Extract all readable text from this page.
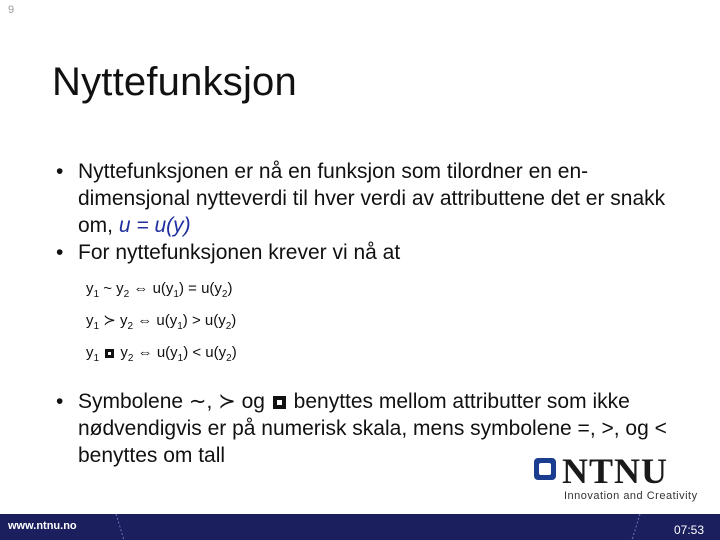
9
Nyttefunksjon

• Nyttefunksjonen er nå en funksjon som tilordner en en-dimensjonal nytteverdi til hver verdi av attributtene det er snakk om, u = u(y)

• For nyttefunksjonen krever vi nå at

$y_1$ ~ $y_2$ ⇔ $u(y_1) = u(y_2)$
$y_1$ ≻ $y_2$ ⇔ $u(y_1) > u(y_2)$
$y_1$ $y_2$ ⇔ $u(y_1) < u(y_2)$

• Symbolene ∼, ≻ og  benyttes mellom attributter som ikke nødvendigvis er på numerisk skala, mens symbolene =, >, og < benyttes om tall	NTNU
Innovation and Creativity
www.ntnu.no	07:53
